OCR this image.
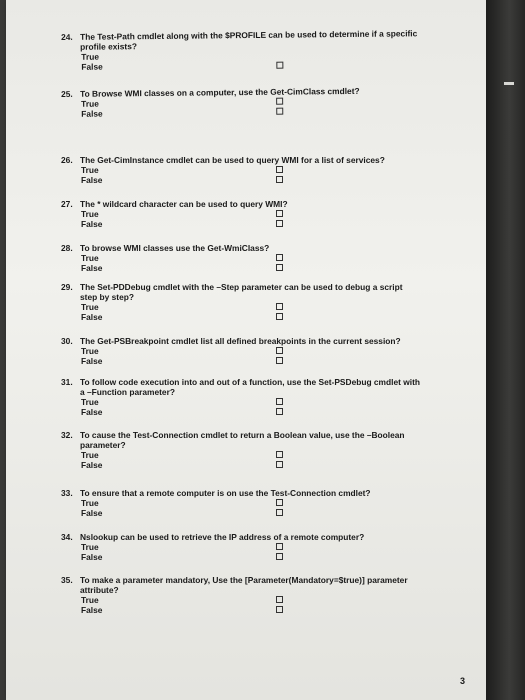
24. The Test-Path cmdlet along with the $PROFILE can be used to determine if a specific
profile exists?
True
False
25. To Browse WMI classes on a computer, use the Get-CimClass cmdlet?
True
False
26. The Get-CimInstance cmdlet can be used to query WMI for a list of services?
True
False
27. The * wildcard character can be used to query WMI?
True
False
28. To browse WMI classes use the Get-WmiClass?
True
False
29. The Set-PDDebug cmdlet with the –Step parameter can be used to debug a script
step by step?
True
False
30. The Get-PSBreakpoint cmdlet list all defined breakpoints in the current session?
True
False
31. To follow code execution into and out of a function, use the Set-PSDebug cmdlet with
a –Function parameter?
True
False
32. To cause the Test-Connection cmdlet to return a Boolean value, use the –Boolean
parameter?
True
False
33. To ensure that a remote computer is on use the Test-Connection cmdlet?
True
False
34. Nslookup can be used to retrieve the IP address of a remote computer?
True
False
35. To make a parameter mandatory, Use the [Parameter(Mandatory=$true)] parameter
attribute?
True
False
3
